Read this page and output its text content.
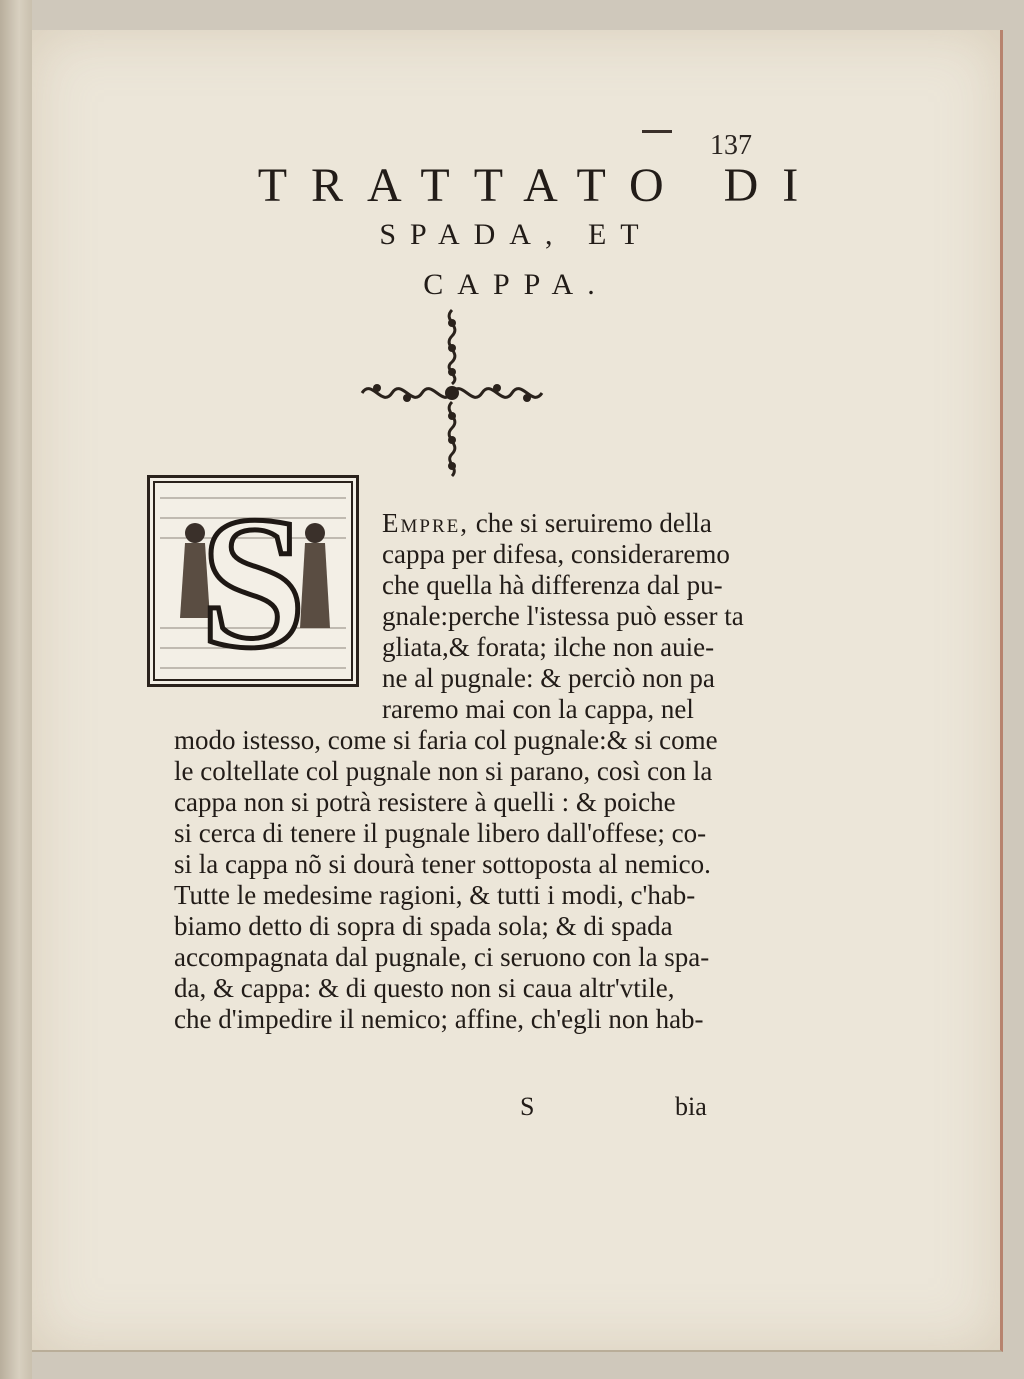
137
TRATTATO DI
SPADA, ET
CAPPA.
S	Empre, che si seruiremo della
cappa per difesa, consideraremo
che quella hà differenza dal pu-
gnale:perche l'istessa può esser ta
gliata,& forata; ilche non auie-
ne al pugnale: & perciò non pa
raremo mai con la cappa, nel
modo istesso, come si faria col pugnale:& si come
le coltellate col pugnale non si parano, così con la
cappa non si potrà resistere à quelli : & poiche
si cerca di tenere il pugnale libero dall'offese; co-
si la cappa nõ si dourà tener sottoposta al nemico.
Tutte le medesime ragioni, & tutti i modi, c'hab-
biamo detto di sopra di spada sola; & di spada
accompagnata dal pugnale, ci seruono con la spa-
da, & cappa: & di questo non si caua altr'vtile,
che d'impedire il nemico; affine, ch'egli non hab-
S	bia
